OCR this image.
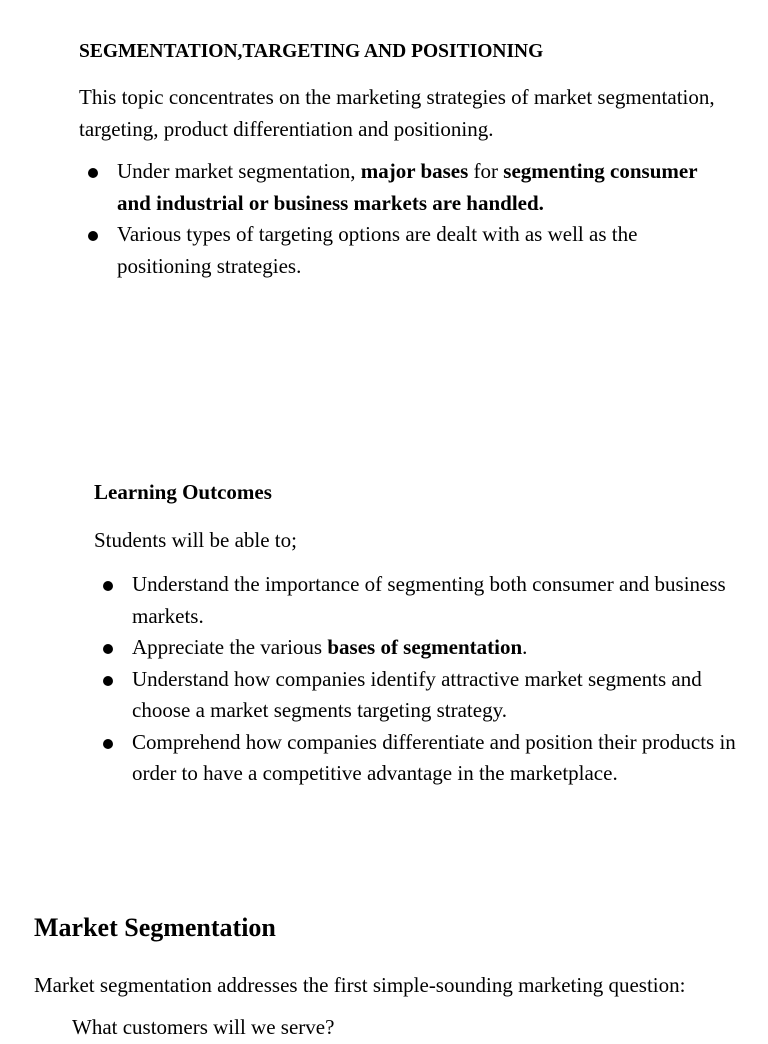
SEGMENTATION,TARGETING AND POSITIONING

This topic concentrates on the marketing strategies of market segmentation, targeting, product differentiation and positioning.

Under market segmentation, major bases for segmenting consumer and industrial or business markets are handled.
Various types of targeting options are dealt with as well as the positioning strategies.
Learning Outcomes

Students will be able to;

Understand the importance of segmenting both consumer and business markets.
Appreciate the various bases of segmentation.
Understand how companies identify attractive market segments and choose a market segments targeting strategy.
Comprehend how companies differentiate and position their products in order to have a competitive advantage in the marketplace.
Market Segmentation

Market segmentation addresses the first simple-sounding marketing question:

What customers will we serve?
